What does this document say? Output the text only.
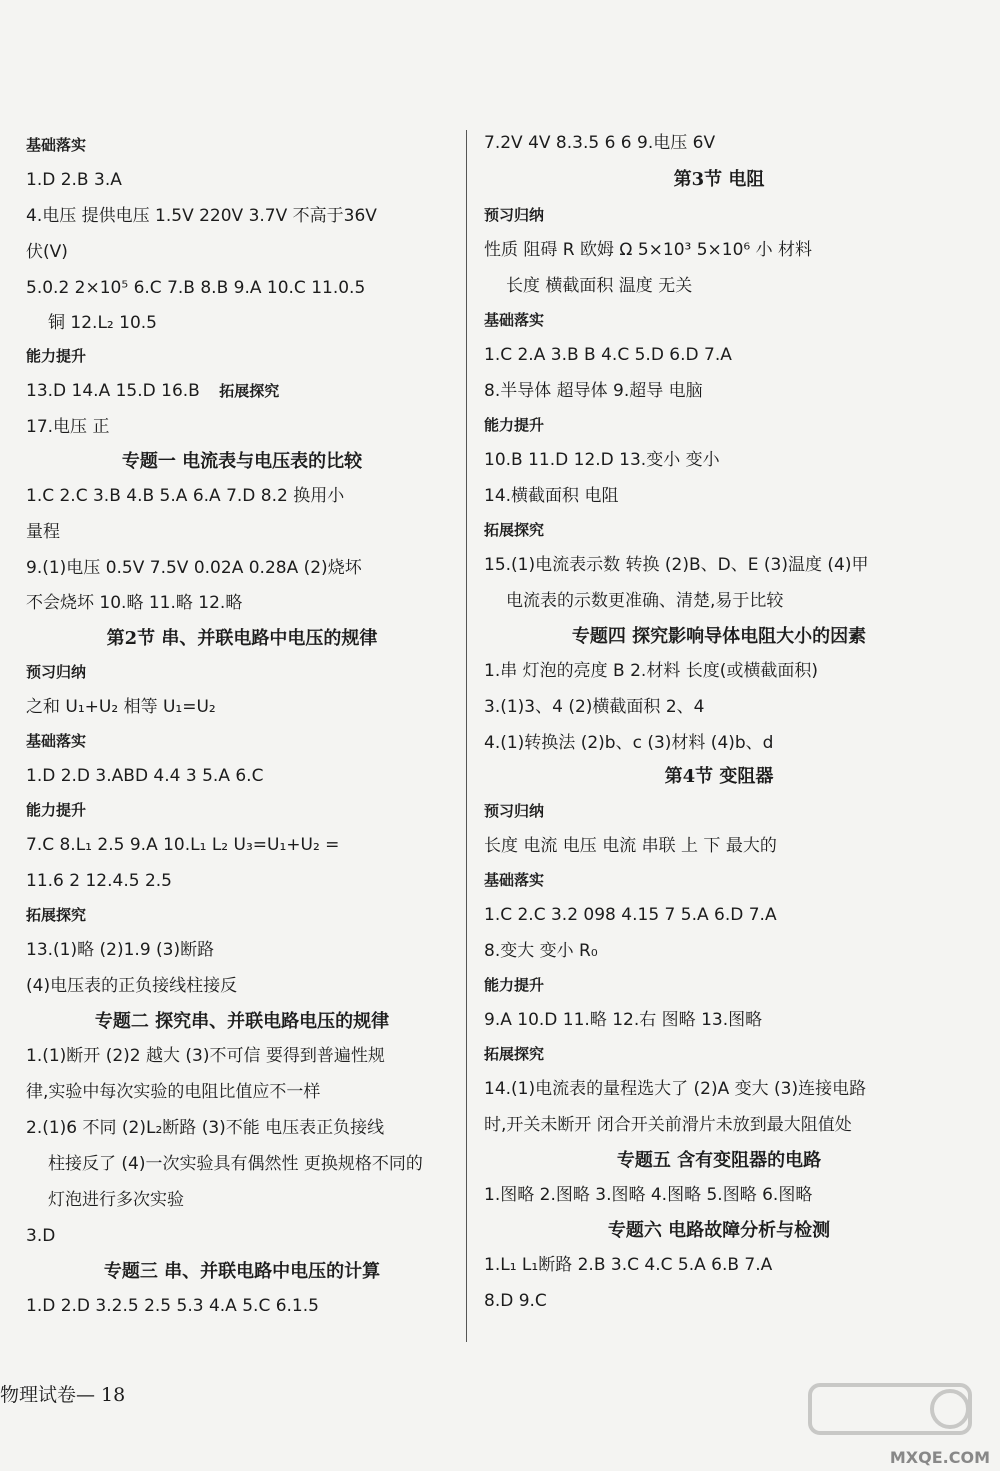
基础落实
1.D 2.B 3.A
4.电压 提供电压 1.5V 220V 3.7V 不高于36V
伏(V)
5.0.2 2×10⁵ 6.C 7.B 8.B 9.A 10.C 11.0.5
铜 12.L₂ 10.5
能力提升
13.D 14.A 15.D 16.B 拓展探究
17.电压 正
专题一 电流表与电压表的比较
1.C 2.C 3.B 4.B 5.A 6.A 7.D 8.2 换用小
量程
9.(1)电压 0.5V 7.5V 0.02A 0.28A (2)烧坏
不会烧坏 10.略 11.略 12.略
第2节 串、并联电路中电压的规律
预习归纳
之和 U₁+U₂ 相等 U₁=U₂
基础落实
1.D 2.D 3.ABD 4.4 3 5.A 6.C
能力提升
7.C 8.L₁ 2.5 9.A 10.L₁ L₂ U₃=U₁+U₂ =
11.6 2 12.4.5 2.5
拓展探究
13.(1)略 (2)1.9 (3)断路
(4)电压表的正负接线柱接反
专题二 探究串、并联电路电压的规律
1.(1)断开 (2)2 越大 (3)不可信 要得到普遍性规
律,实验中每次实验的电阻比值应不一样
2.(1)6 不同 (2)L₂断路 (3)不能 电压表正负接线
柱接反了 (4)一次实验具有偶然性 更换规格不同的
灯泡进行多次实验
3.D
专题三 串、并联电路中电压的计算
1.D 2.D 3.2.5 2.5 5.3 4.A 5.C 6.1.5
7.2V 4V 8.3.5 6 6 9.电压 6V
第3节 电阻
预习归纳
性质 阻碍 R 欧姆 Ω 5×10³ 5×10⁶ 小 材料
长度 横截面积 温度 无关
基础落实
1.C 2.A 3.B B 4.C 5.D 6.D 7.A
8.半导体 超导体 9.超导 电脑
能力提升
10.B 11.D 12.D 13.变小 变小
14.横截面积 电阻
拓展探究
15.(1)电流表示数 转换 (2)B、D、E (3)温度 (4)甲
电流表的示数更准确、清楚,易于比较
专题四 探究影响导体电阻大小的因素
1.串 灯泡的亮度 B 2.材料 长度(或横截面积)
3.(1)3、4 (2)横截面积 2、4
4.(1)转换法 (2)b、c (3)材料 (4)b、d
第4节 变阻器
预习归纳
长度 电流 电压 电流 串联 上 下 最大的
基础落实
1.C 2.C 3.2 098 4.15 7 5.A 6.D 7.A
8.变大 变小 R₀
能力提升
9.A 10.D 11.略 12.右 图略 13.图略
拓展探究
14.(1)电流表的量程选大了 (2)A 变大 (3)连接电路
时,开关未断开 闭合开关前滑片未放到最大阻值处
专题五 含有变阻器的电路
1.图略 2.图略 3.图略 4.图略 5.图略 6.图略
专题六 电路故障分析与检测
1.L₁ L₁断路 2.B 3.C 4.C 5.A 6.B 7.A
8.D 9.C
物理试卷— 18
MXQE.COM
